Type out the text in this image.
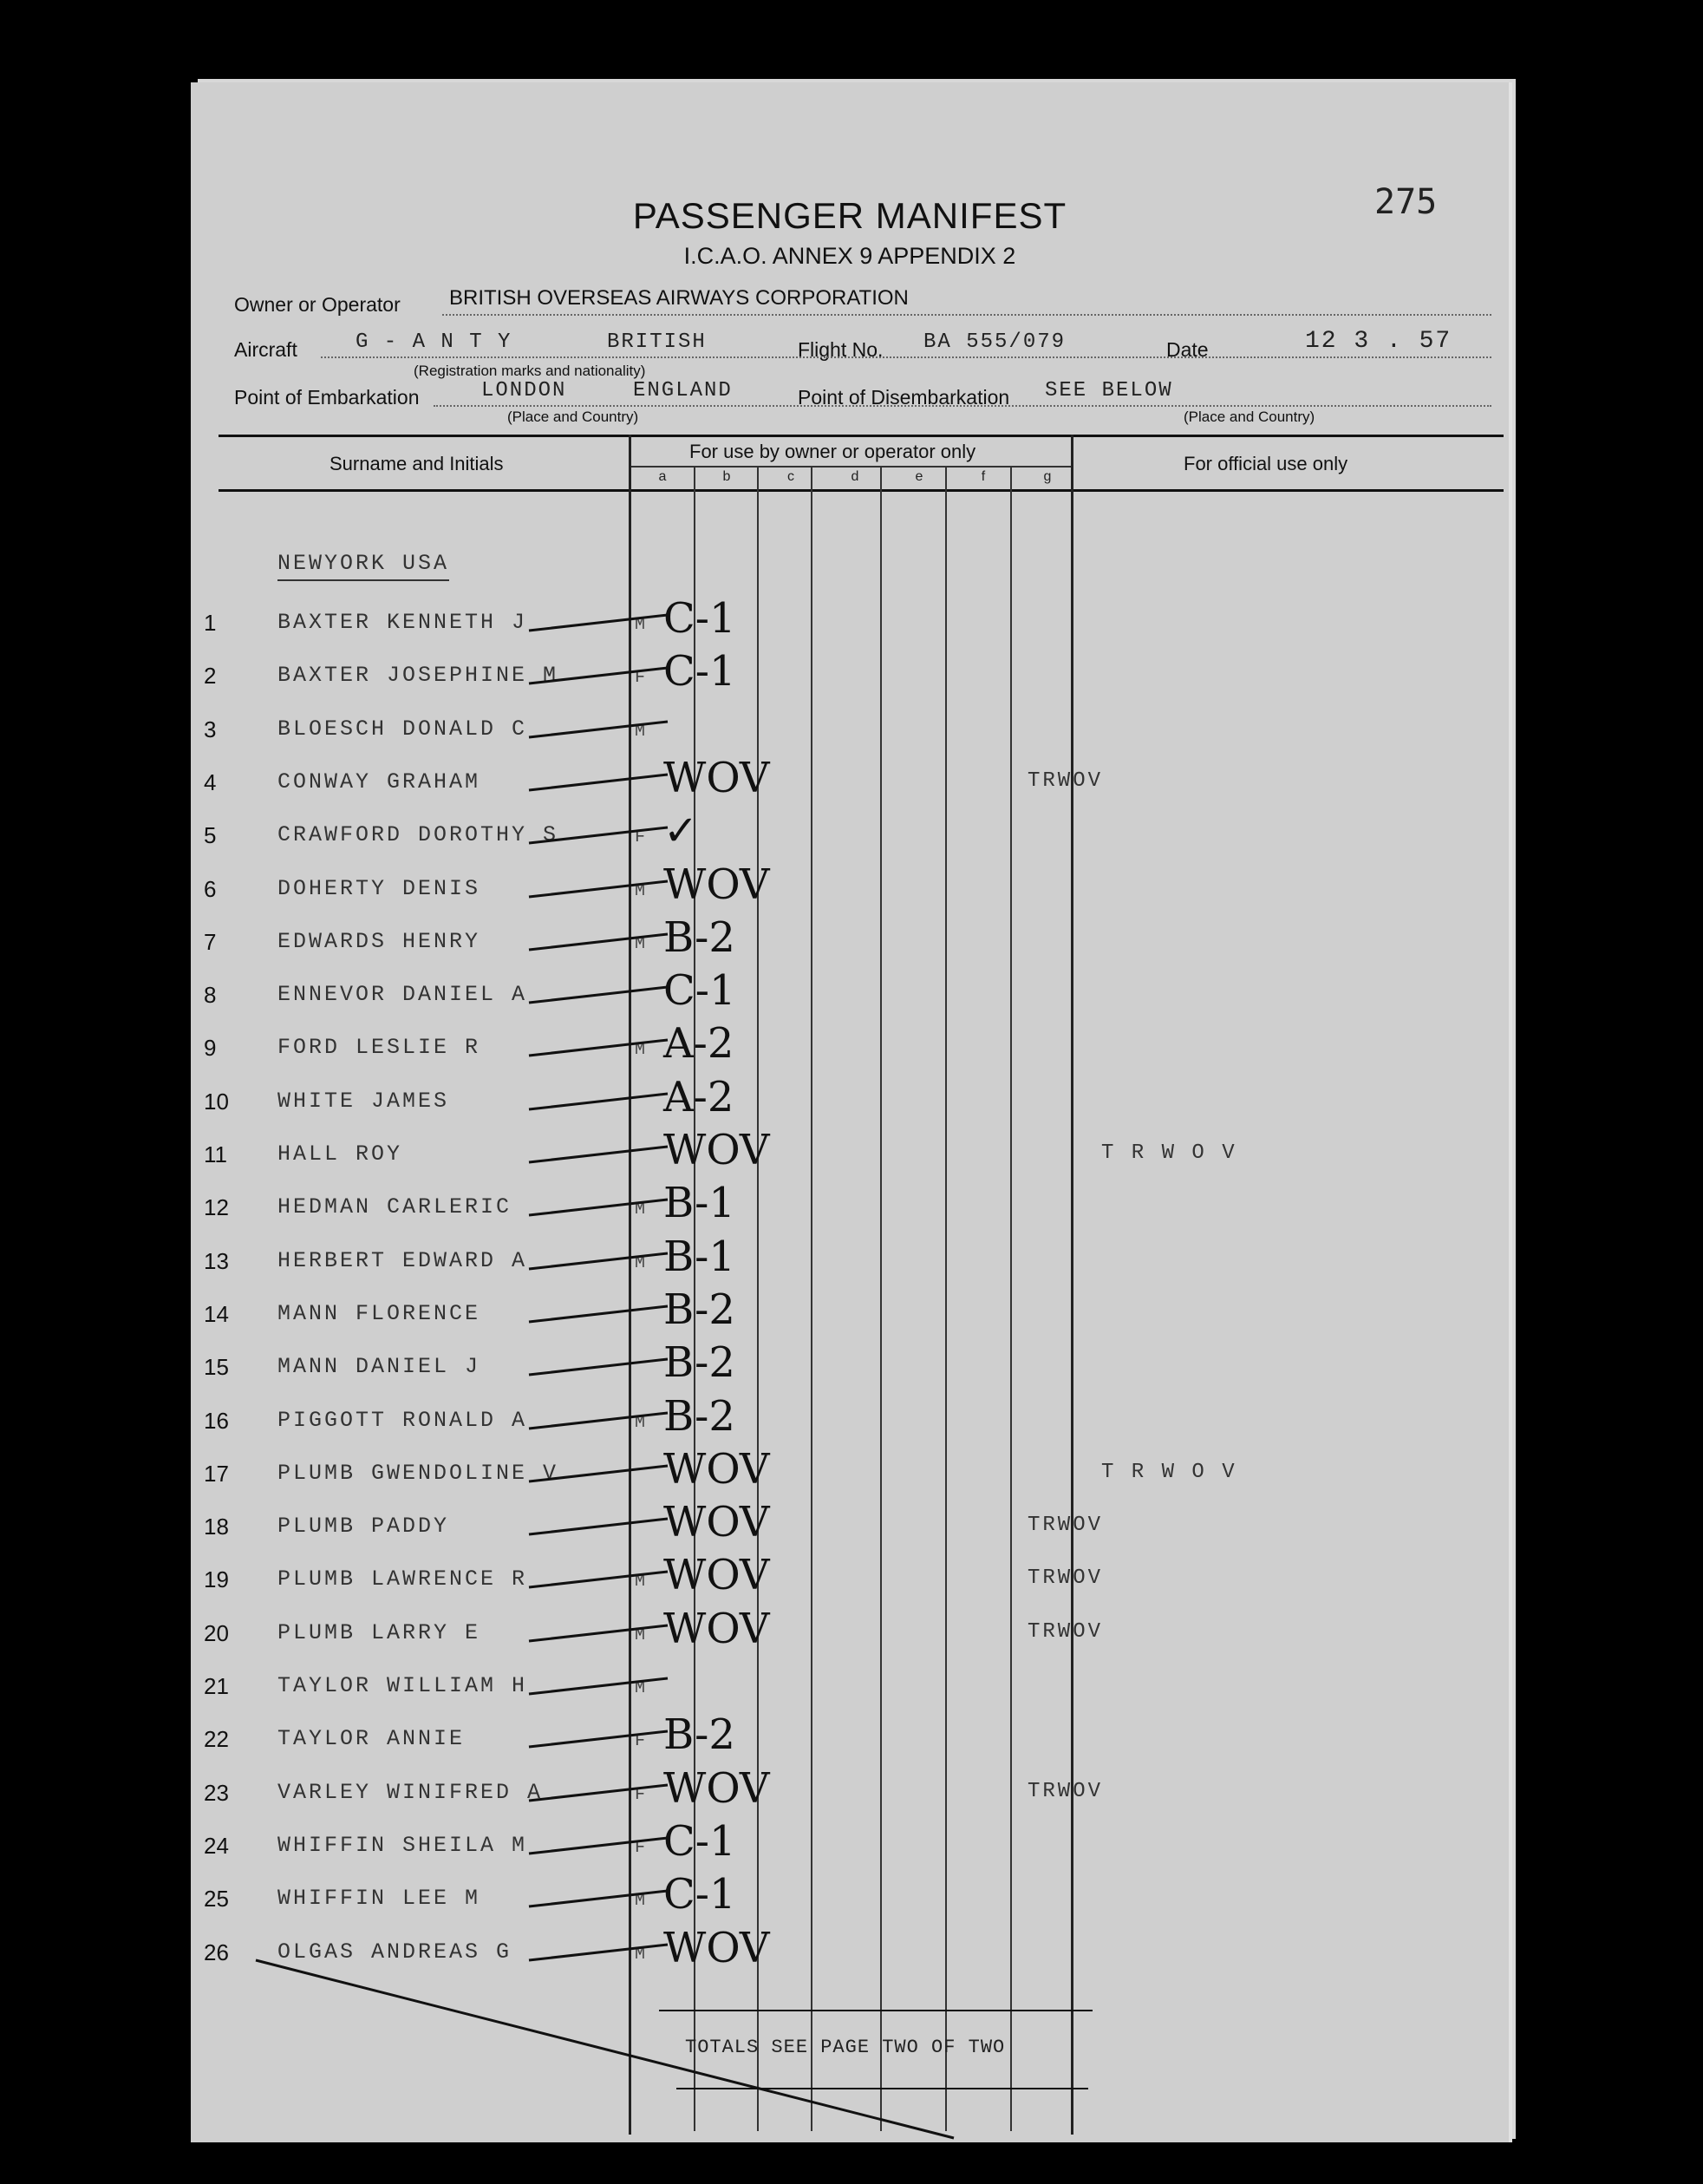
275
PASSENGER MANIFEST
I.C.A.O. ANNEX 9 APPENDIX 2
Owner or Operator BRITISH OVERSEAS AIRWAYS CORPORATION
Aircraft	G - A N T Y	BRITISH	Flight No. BA 555/079	Date	12 3 . 57
(Registration marks and nationality)
Point of Embarkation	LONDON	ENGLAND	Point of Disembarkation SEE BELOW
(Place and Country)	(Place and Country)
Surname and Initials
For use by owner or operator only
For official use only
a	b	c	d	e	f	g
NEWYORK USA
1	BAXTER KENNETH J	M C-1
2	BAXTER JOSEPHINE M	F C-1
3	BLOESCH DONALD C	M
4	CONWAY GRAHAM	WOV	TRWOV
5	CRAWFORD DOROTHY S	F ✓
6	DOHERTY DENIS	M WOV
7	EDWARDS HENRY	M B-2
8	ENNEVOR DANIEL A	C-1
9	FORD LESLIE R	M A-2
10	WHITE JAMES	A-2
11	HALL ROY	WOV	T R W O V
12	HEDMAN CARLERIC	M B-1
13	HERBERT EDWARD A	M B-1
14	MANN FLORENCE	B-2
15	MANN DANIEL J	B-2
16	PIGGOTT RONALD A	M B-2
17	PLUMB GWENDOLINE V	WOV	T R W O V
18	PLUMB PADDY	WOV	TRWOV
19	PLUMB LAWRENCE R	M WOV	TRWOV
20	PLUMB LARRY E	M WOV	TRWOV
21	TAYLOR WILLIAM H	M
22	TAYLOR ANNIE	F B-2
23	VARLEY WINIFRED A	F WOV	TRWOV
24	WHIFFIN SHEILA M	F C-1
25	WHIFFIN LEE M	M C-1
26	OLGAS ANDREAS G	M WOV
TOTALS SEE PAGE TWO OF TWO
